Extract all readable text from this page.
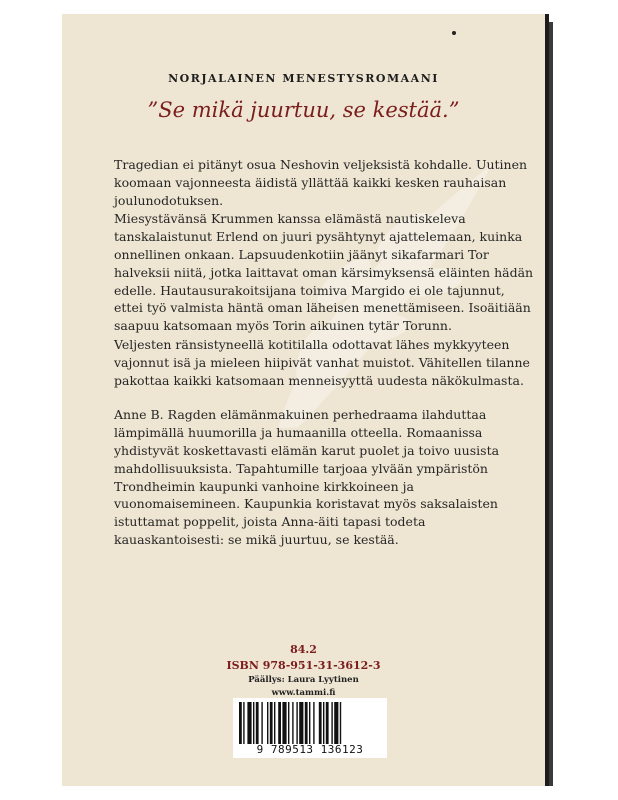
NORJALAINEN MENESTYSROMAANI
”Se mikä juurtuu, se kestää.”

Tragedian ei pitänyt osua Neshovin veljeksistä kohdalle. Uutinen koomaan vajonneesta äidistä yllättää kaikki kesken rauhaisan joulunodotuksen.

Miesystävänsä Krummen kanssa elämästä nautiskeleva tanskalaistunut Erlend on juuri pysähtynyt ajattelemaan, kuinka onnellinen onkaan. Lapsuudenkotiin jäänyt sikafarmari Tor halveksii niitä, jotka laittavat oman kärsimyksensä eläinten hädän edelle. Hautausurakoitsijana toimiva Margido ei ole tajunnut, ettei työ valmista häntä oman läheisen menettämiseen. Isoäitiään saapuu katsomaan myös Torin aikuinen tytär Torunn.

Veljesten ränsistyneellä kotitilalla odottavat lähes mykkyyteen vajonnut isä ja mieleen hiipivät vanhat muistot. Vähitellen tilanne pakottaa kaikki katsomaan menneisyyttä uudesta näkökulmasta.

Anne B. Ragden elämänmakuinen perhedraama ilahduttaa lämpimällä huumorilla ja humaanilla otteella. Romaanissa yhdistyvät koskettavasti elämän karut puolet ja toivo uusista mahdollisuuksista. Tapahtumille tarjoaa ylvään ympäristön Trondheimin kaupunki vanhoine kirkkoineen ja vuonomaisemineen. Kaupunkia koristavat myös saksalaisten istuttamat poppelit, joista Anna-äiti tapasi todeta kauaskantoisesti: se mikä juurtuu, se kestää.

84.2
ISBN 978-951-31-3612-3
Päällys: Laura Lyytinen
www.tammi.fi
9 789513 136123
